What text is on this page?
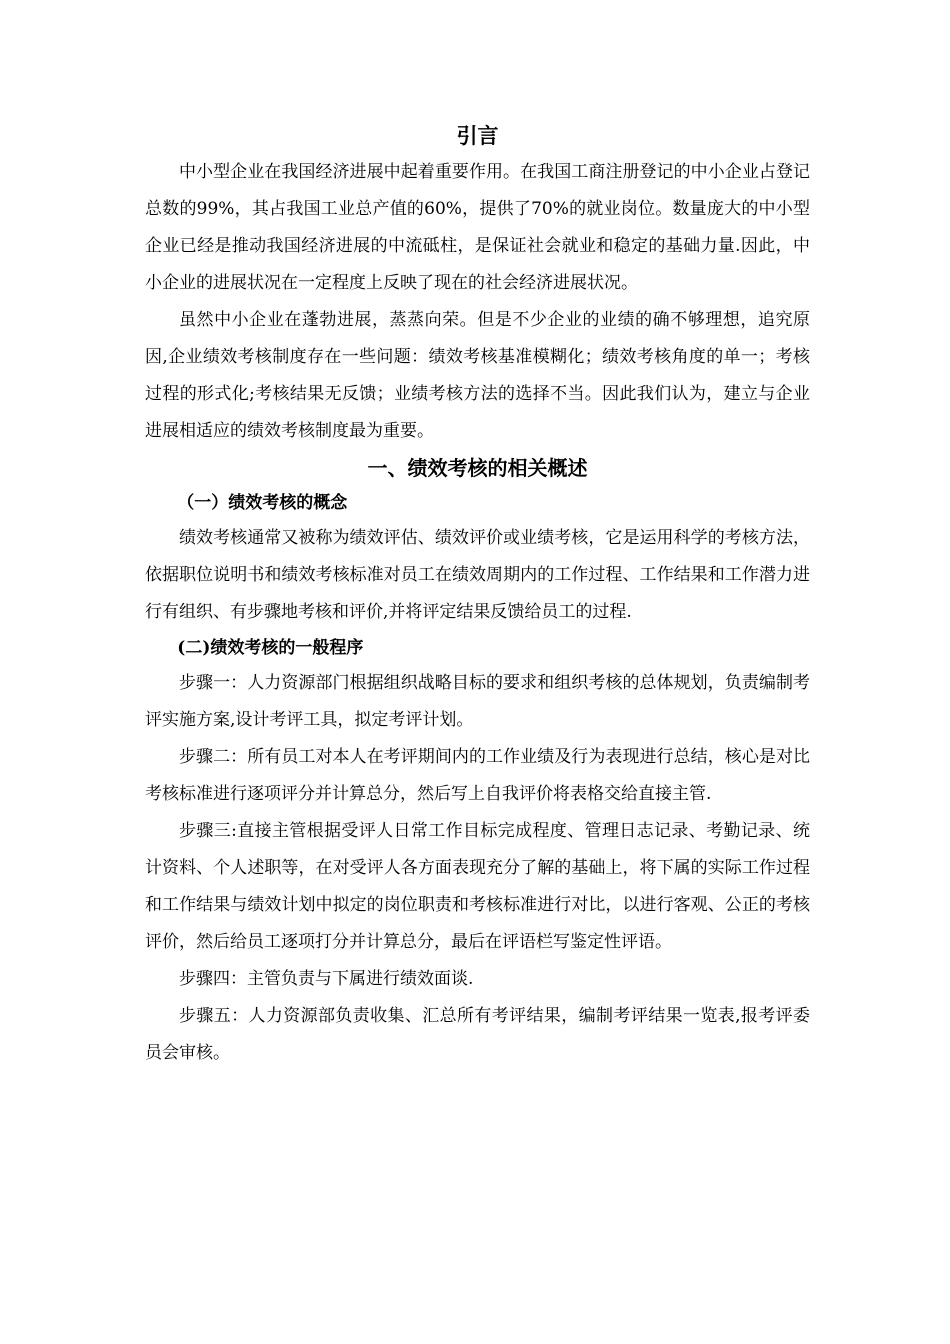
引言

中小型企业在我国经济进展中起着重要作用。在我国工商注册登记的中小企业占登记总数的99%，其占我国工业总产值的60%，提供了70%的就业岗位。数量庞大的中小型企业已经是推动我国经济进展的中流砥柱，是保证社会就业和稳定的基础力量.因此，中小企业的进展状况在一定程度上反映了现在的社会经济进展状况。

虽然中小企业在蓬勃进展，蒸蒸向荣。但是不少企业的业绩的确不够理想，追究原因,企业绩效考核制度存在一些问题：绩效考核基准模糊化；绩效考核角度的单一；考核过程的形式化;考核结果无反馈；业绩考核方法的选择不当。因此我们认为，建立与企业进展相适应的绩效考核制度最为重要。

一、绩效考核的相关概述
（一）绩效考核的概念

绩效考核通常又被称为绩效评估、绩效评价或业绩考核，它是运用科学的考核方法，依据职位说明书和绩效考核标准对员工在绩效周期内的工作过程、工作结果和工作潜力进行有组织、有步骤地考核和评价,并将评定结果反馈给员工的过程.

(二)绩效考核的一般程序

步骤一：人力资源部门根据组织战略目标的要求和组织考核的总体规划，负责编制考评实施方案,设计考评工具，拟定考评计划。

步骤二：所有员工对本人在考评期间内的工作业绩及行为表现进行总结，核心是对比考核标准进行逐项评分并计算总分，然后写上自我评价将表格交给直接主管.

步骤三:直接主管根据受评人日常工作目标完成程度、管理日志记录、考勤记录、统计资料、个人述职等，在对受评人各方面表现充分了解的基础上，将下属的实际工作过程和工作结果与绩效计划中拟定的岗位职责和考核标准进行对比，以进行客观、公正的考核评价，然后给员工逐项打分并计算总分，最后在评语栏写鉴定性评语。

步骤四：主管负责与下属进行绩效面谈.

步骤五：人力资源部负责收集、汇总所有考评结果，编制考评结果一览表,报考评委员会审核。
